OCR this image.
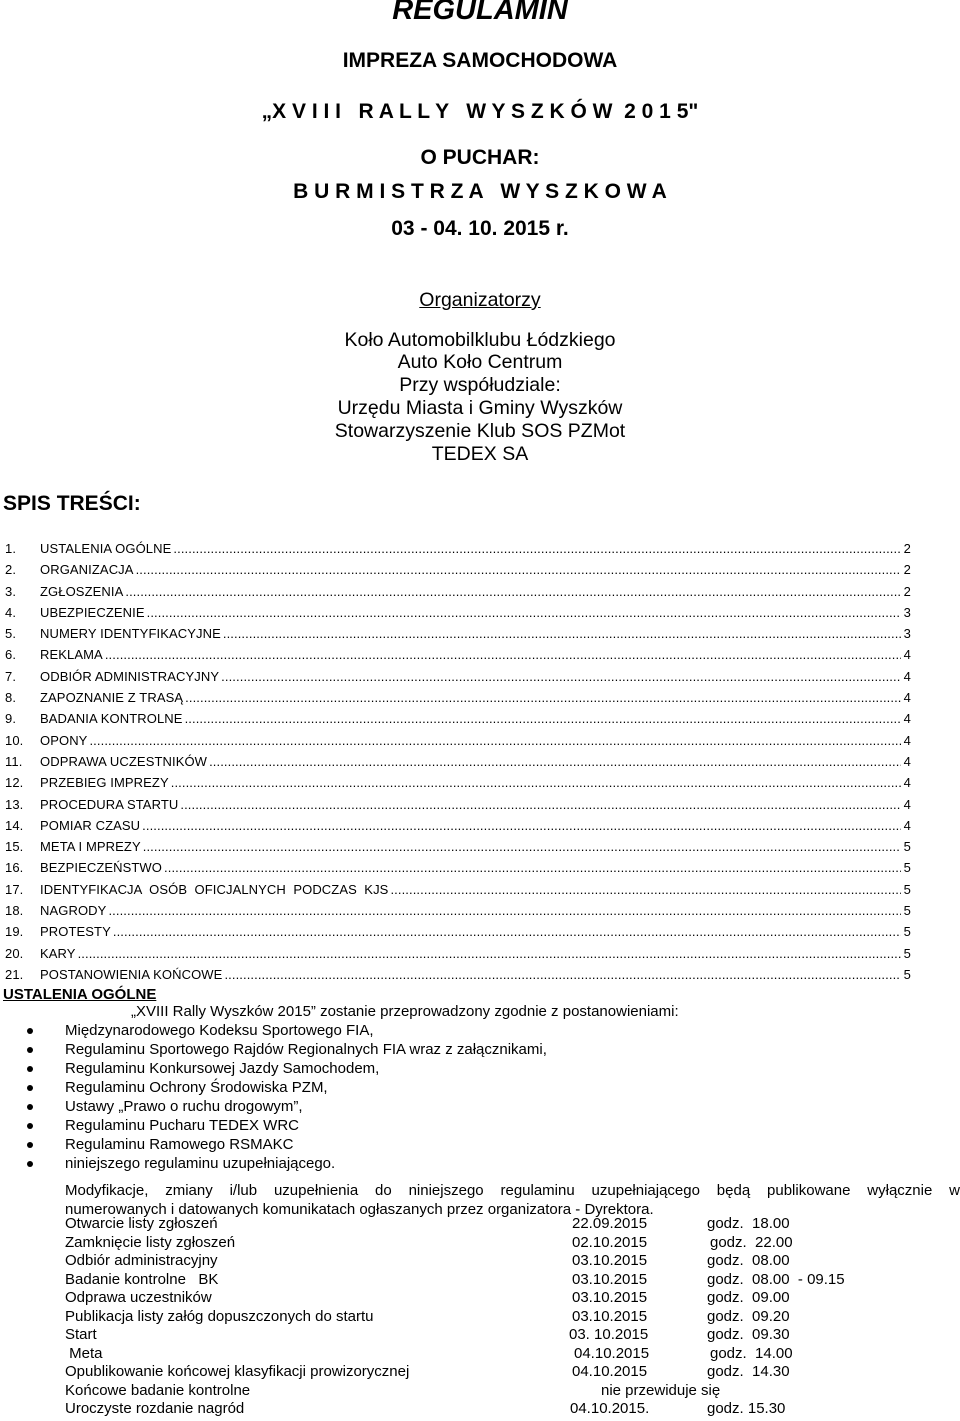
REGULAMIN
IMPREZA SAMOCHODOWA
„X V I I I   R A L L Y   W Y S Z K Ó W  2 0 1 5"
O PUCHAR:
B U R M I S T R Z A   W Y S Z K O W A
03 - 04. 10. 2015 r.
Organizatorzy
Koło Automobilklubu Łódzkiego
Auto Koło Centrum
Przy współudziale:
Urzędu Miasta i Gminy Wyszków
Stowarzyszenie Klub SOS PZMot
TEDEX SA
SPIS TREŚCI:
1.	USTALENIA OGÓLNE .....	2
2.	ORGANIZACJA .....	2
3.	ZGŁOSZENIA .....	2
4.	UBEZPIECZENIE .....	3
5.	NUMERY IDENTYFIKACYJNE .....	3
6.	REKLAMA .....	4
7.	ODBIÓR ADMINISTRACYJNY .....	4
8.	ZAPOZNANIE Z TRASĄ .....	4
9.	BADANIA KONTROLNE .....	4
10.	OPONY .....	4
11.	ODPRAWA UCZESTNIKÓW .....	4
12.	PRZEBIEG IMPREZY .....	4
13.	PROCEDURA STARTU .....	4
14.	POMIAR CZASU .....	4
15.	META I MPREZY .....	5
16.	BEZPIECZEŃSTWO .....	5
17.	IDENTYFIKACJA  OSÓB  OFICJALNYCH  PODCZAS  KJS .....	5
18.	NAGRODY .....	5
19.	PROTESTY .....	5
20.	KARY .....	5
21.	POSTANOWIENIA KOŃCOWE .....	5
USTALENIA OGÓLNE
„XVIII Rally Wyszków 2015” zostanie przeprowadzony zgodnie z postanowieniami:
Międzynarodowego Kodeksu Sportowego FIA,
Regulaminu Sportowego Rajdów Regionalnych FIA wraz z załącznikami,
Regulaminu Konkursowej Jazdy Samochodem,
Regulaminu Ochrony Środowiska PZM,
Ustawy „Prawo o ruchu drogowym”,
Regulaminu Pucharu TEDEX WRC
Regulaminu Ramowego RSMAKC
niniejszego regulaminu uzupełniającego.
Modyfikacje,  zmiany  i/lub  uzupełnienia  do  niniejszego  regulaminu  uzupełniającego  będą  publikowane  wyłącznie  w
numerowanych i datowanych komunikatach ogłaszanych przez organizatora - Dyrektora.
Otwarcie listy zgłoszeń	22.09.2015	godz.  18.00
Zamknięcie listy zgłoszeń	02.10.2015	godz.  22.00
Odbiór administracyjny	03.10.2015	godz.  08.00
Badanie kontrolne   BK	03.10.2015	godz.  08.00  - 09.15
Odprawa uczestników	03.10.2015	godz.  09.00
Publikacja listy załóg dopuszczonych do startu	03.10.2015	godz.  09.20
Start	03. 10.2015	godz.  09.30
Meta	04.10.2015	godz.  14.00
Opublikowanie końcowej klasyfikacji prowizorycznej	04.10.2015	godz.  14.30
Końcowe badanie kontrolne	nie przewiduje się
Uroczyste rozdanie nagród	04.10.2015.	godz. 15.30
